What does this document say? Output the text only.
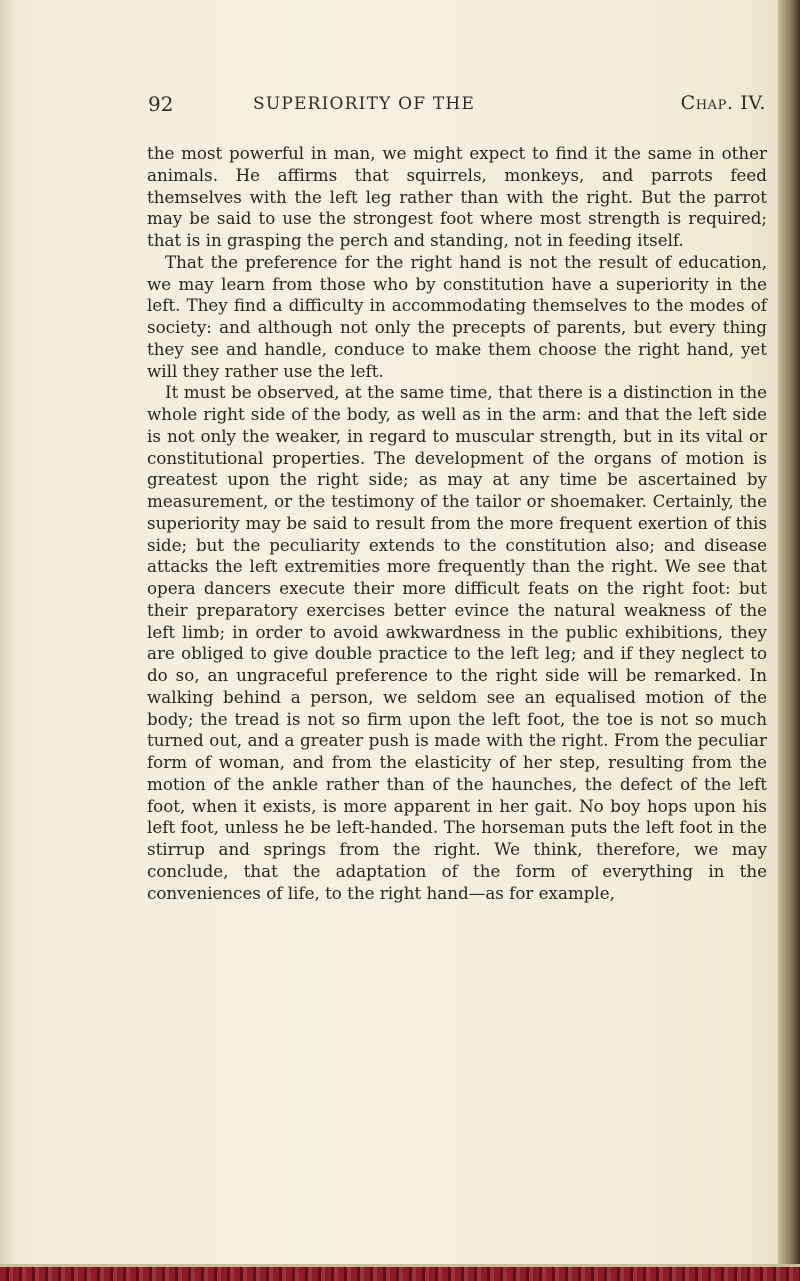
92	SUPERIORITY OF THE	Chap. IV.

the most powerful in man, we might expect to find it the same in other animals. He affirms that squirrels, monkeys, and parrots feed themselves with the left leg rather than with the right. But the parrot may be said to use the strongest foot where most strength is required; that is in grasping the perch and standing, not in feeding itself.

That the preference for the right hand is not the result of education, we may learn from those who by constitution have a superiority in the left. They find a difficulty in accommodating themselves to the modes of society: and although not only the precepts of parents, but every thing they see and handle, conduce to make them choose the right hand, yet will they rather use the left.

It must be observed, at the same time, that there is a distinction in the whole right side of the body, as well as in the arm: and that the left side is not only the weaker, in regard to muscular strength, but in its vital or constitutional properties. The development of the organs of motion is greatest upon the right side; as may at any time be ascertained by measurement, or the testimony of the tailor or shoemaker. Certainly, the superiority may be said to result from the more frequent exertion of this side; but the peculiarity extends to the constitution also; and disease attacks the left extremities more frequently than the right. We see that opera dancers execute their more difficult feats on the right foot: but their preparatory exercises better evince the natural weakness of the left limb; in order to avoid awkwardness in the public exhibitions, they are obliged to give double practice to the left leg; and if they neglect to do so, an ungraceful preference to the right side will be remarked. In walking behind a person, we seldom see an equalised motion of the body; the tread is not so firm upon the left foot, the toe is not so much turned out, and a greater push is made with the right. From the peculiar form of woman, and from the elasticity of her step, resulting from the motion of the ankle rather than of the haunches, the defect of the left foot, when it exists, is more apparent in her gait. No boy hops upon his left foot, unless he be left-handed. The horseman puts the left foot in the stirrup and springs from the right. We think, therefore, we may conclude, that the adaptation of the form of everything in the conveniences of life, to the right hand—as for example,
